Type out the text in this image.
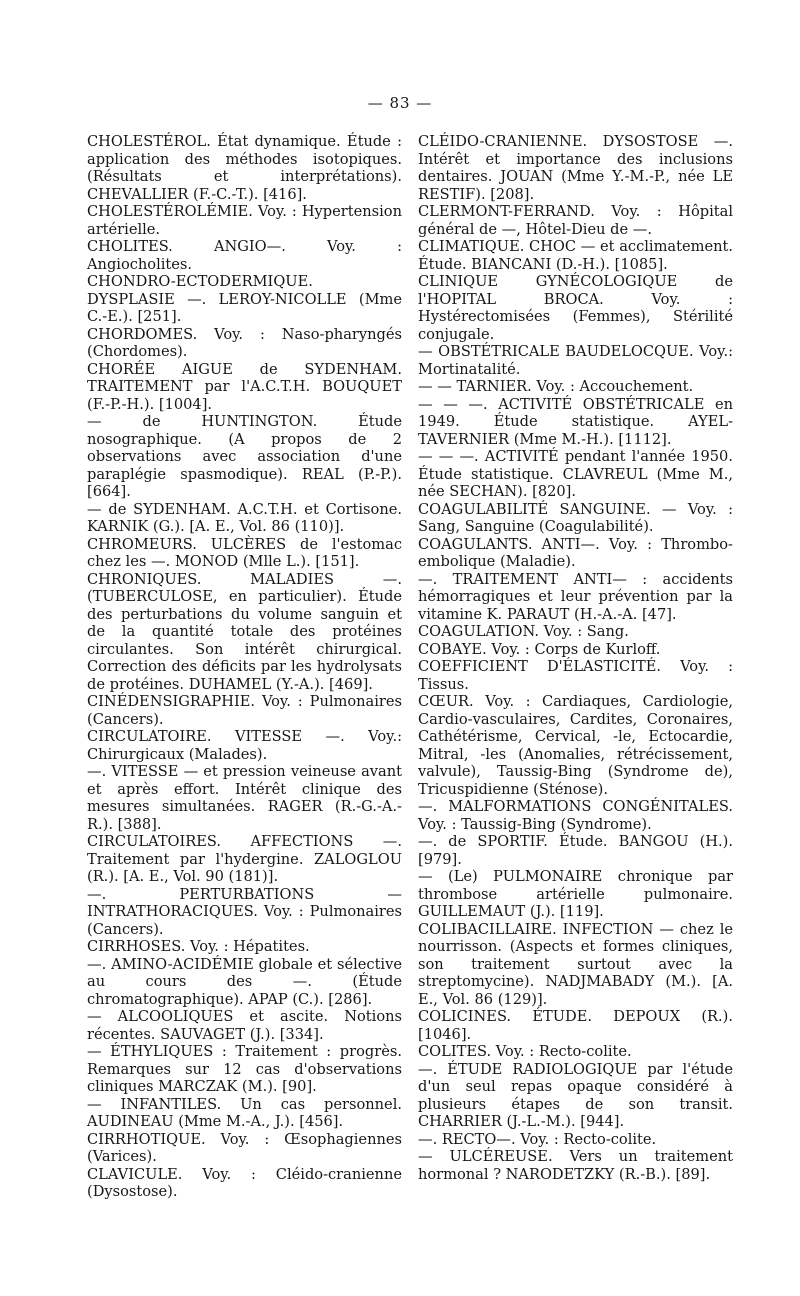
— 83 —

CHOLESTÉROL. État dynamique. Étude : application des méthodes isotopiques. (Résultats et interprétations). CHEVALLIER (F.-C.-T.). [416].

CHOLESTÉROLÉMIE. Voy. : Hypertension artérielle.

CHOLITES. ANGIO—. Voy. : Angiocholites.

CHONDRO-ECTODERMIQUE. DYSPLASIE —. LEROY-NICOLLE (Mme C.-E.). [251].

CHORDOMES. Voy. : Naso-pharyngés (Chordomes).

CHORÉE AIGUE de SYDENHAM. TRAITEMENT par l'A.C.T.H. BOUQUET (F.-P.-H.). [1004].

— de HUNTINGTON. Étude nosographique. (A propos de 2 observations avec association d'une paraplégie spasmodique). REAL (P.-P.). [664].

— de SYDENHAM. A.C.T.H. et Cortisone. KARNIK (G.). [A. E., Vol. 86 (110)].

CHROMEURS. ULCÈRES de l'estomac chez les —. MONOD (Mlle L.). [151].

CHRONIQUES. MALADIES —. (TUBERCULOSE, en particulier). Étude des perturbations du volume sanguin et de la quantité totale des protéines circulantes. Son intérêt chirurgical. Correction des déficits par les hydrolysats de protéines. DUHAMEL (Y.-A.). [469].

CINÉDENSIGRAPHIE. Voy. : Pulmonaires (Cancers).

CIRCULATOIRE. VITESSE —. Voy.: Chirurgicaux (Malades).

—. VITESSE — et pression veineuse avant et après effort. Intérêt clinique des mesures simultanées. RAGER (R.-G.-A.-R.). [388].

CIRCULATOIRES. AFFECTIONS —. Traitement par l'hydergine. ZALOGLOU (R.). [A. E., Vol. 90 (181)].

—. PERTURBATIONS — INTRATHORACIQUES. Voy. : Pulmonaires (Cancers).

CIRRHOSES. Voy. : Hépatites.

—. AMINO-ACIDÉMIE globale et sélective au cours des —. (Étude chromatographique). APAP (C.). [286].

— ALCOOLIQUES et ascite. Notions récentes. SAUVAGET (J.). [334].

— ÉTHYLIQUES : Traitement : progrès. Remarques sur 12 cas d'observations cliniques MARCZAK (M.). [90].

— INFANTILES. Un cas personnel. AUDINEAU (Mme M.-A., J.). [456].

CIRRHOTIQUE. Voy. : Œsophagiennes (Varices).

CLAVICULE. Voy. : Cléido-cranienne (Dysostose).

CLÉIDO-CRANIENNE. DYSOSTOSE —. Intérêt et importance des inclusions dentaires. JOUAN (Mme Y.-M.-P., née LE RESTIF). [208].

CLERMONT-FERRAND. Voy. : Hôpital général de —, Hôtel-Dieu de —.

CLIMATIQUE. CHOC — et acclimatement. Étude. BIANCANI (D.-H.). [1085].

CLINIQUE GYNÉCOLOGIQUE de l'HOPITAL BROCA. Voy. : Hystérectomisées (Femmes), Stérilité conjugale.

— OBSTÉTRICALE BAUDELOCQUE. Voy.: Mortinatalité.

— — TARNIER. Voy. : Accouchement.

— — —. ACTIVITÉ OBSTÉTRICALE en 1949. Étude statistique. AYEL-TAVERNIER (Mme M.-H.). [1112].

— — —. ACTIVITÉ pendant l'année 1950. Étude statistique. CLAVREUL (Mme M., née SECHAN). [820].

COAGULABILITÉ SANGUINE. — Voy. : Sang, Sanguine (Coagulabilité).

COAGULANTS. ANTI—. Voy. : Thrombo-embolique (Maladie).

—. TRAITEMENT ANTI— : accidents hémorragiques et leur prévention par la vitamine K. PARAUT (H.-A.-A. [47].

COAGULATION. Voy. : Sang.

COBAYE. Voy. : Corps de Kurloff.

COEFFICIENT D'ÉLASTICITÉ. Voy. : Tissus.

CŒUR. Voy. : Cardiaques, Cardiologie, Cardio-vasculaires, Cardites, Coronaires, Cathétérisme, Cervical, -le, Ectocardie, Mitral, -les (Anomalies, rétrécissement, valvule), Taussig-Bing (Syndrome de), Tricuspidienne (Sténose).

—. MALFORMATIONS CONGÉNITALES. Voy. : Taussig-Bing (Syndrome).

—. de SPORTIF. Étude. BANGOU (H.). [979].

— (Le) PULMONAIRE chronique par thrombose artérielle pulmonaire. GUILLEMAUT (J.). [119].

COLIBACILLAIRE. INFECTION — chez le nourrisson. (Aspects et formes cliniques, son traitement surtout avec la streptomycine). NADJMABADY (M.). [A. E., Vol. 86 (129)].

COLICINES. ÉTUDE. DEPOUX (R.). [1046].

COLITES. Voy. : Recto-colite.

—. ÉTUDE RADIOLOGIQUE par l'étude d'un seul repas opaque considéré à plusieurs étapes de son transit. CHARRIER (J.-L.-M.). [944].

—. RECTO—. Voy. : Recto-colite.

— ULCÉREUSE. Vers un traitement hormonal ? NARODETZKY (R.-B.). [89].
